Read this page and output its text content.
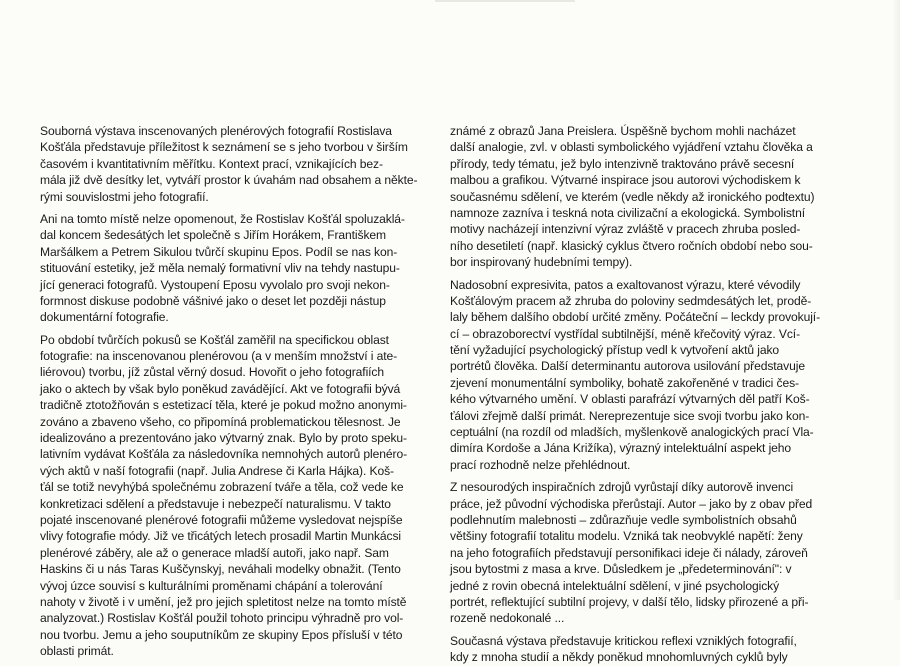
Souborná výstava inscenovaných plenérových fotografií Rostislava
Košťála představuje příležitost k seznámení se s jeho tvorbou v širším
časovém i kvantitativním měřítku. Kontext prací, vznikajících bez-
mála již dvě desítky let, vytváří prostor k úvahám nad obsahem a někte-
rými souvislostmi jeho fotografií.
Ani na tomto místě nelze opomenout, že Rostislav Košťál spoluzaklá-
dal koncem šedesátých let společně s Jiřím Horákem, Františkem
Maršálkem a Petrem Sikulou tvůrčí skupinu Epos. Podíl se nas kon-
stituování estetiky, jež měla nemalý formativní vliv na tehdy nastupu-
jící generaci fotografů. Vystoupení Eposu vyvolalo pro svoji nekon-
formnost diskuse podobně vášnivé jako o deset let později nástup
dokumentární fotografie.
Po období tvůrčích pokusů se Košťál zaměřil na specifickou oblast
fotografie: na inscenovanou plenérovou (a v menším množství i ate-
liérovou) tvorbu, jíž zůstal věrný dosud. Hovořit o jeho fotografiích
jako o aktech by však bylo poněkud zavádějící. Akt ve fotografii bývá
tradičně ztotožňován s estetizací těla, které je pokud možno anonymi-
zováno a zbaveno všeho, co připomíná problematickou tělesnost. Je
idealizováno a prezentováno jako výtvarný znak. Bylo by proto speku-
lativním vydávat Košťála za následovníka nemnohých autorů plenéro-
vých aktů v naší fotografii (např. Julia Andrese či Karla Hájka). Koš-
ťál se totiž nevyhýbá společnému zobrazení tváře a těla, což vede ke
konkretizaci sdělení a představuje i nebezpečí naturalismu. V takto
pojaté inscenované plenérové fotografii můžeme vysledovat nejspíše
vlivy fotografie módy. Již ve třicátých letech prosadil Martin Munkácsi
plenérové záběry, ale až o generace mladší autoři, jako např. Sam
Haskins či u nás Taras Kuščynskyj, neváhali modelky obnažit. (Tento
vývoj úzce souvisí s kulturálními proměnami chápání a tolerování
nahoty v životě i v umění, jež pro jejich spletitost nelze na tomto místě
analyzovat.) Rostislav Košťál použil tohoto principu výhradně pro vol-
nou tvorbu. Jemu a jeho souputníkům ze skupiny Epos přísluší v této
oblasti primát.
známé z obrazů Jana Preislera. Úspěšně bychom mohli nacházet
další analogie, zvl. v oblasti symbolického vyjádření vztahu člověka a
přírody, tedy tématu, jež bylo intenzivně traktováno právě secesní
malbou a grafikou. Výtvarné inspirace jsou autorovi východiskem k
současnému sdělení, ve kterém (vedle někdy až ironického podtextu)
namnoze zazníva i teskná nota civilizační a ekologická. Symbolistní
motivy nacházejí intenzivní výraz zvláště v pracech zhruba posled-
ního desetiletí (např. klasický cyklus čtvero ročních období nebo sou-
bor inspirovaný hudebními tempy).
Nadosobní expresivita, patos a exaltovanost výrazu, které vévodily
Košťálovým pracem až zhruba do poloviny sedmdesátých let, prodě-
laly během dalšího období určité změny. Počáteční – leckdy provokují-
cí – obrazoborectví vystřídal subtilnější, méně křečovitý výraz. Vcí-
tění vyžadující psychologický přístup vedl k vytvoření aktů jako
portrétů člověka. Další determinantu autorova usilování představuje
zjevení monumentální symboliky, bohatě zakořeněné v tradici čes-
kého výtvarného umění. V oblasti parafrází výtvarných děl patří Koš-
ťálovi zřejmě další primát. Nereprezentuje sice svoji tvorbu jako kon-
ceptuální (na rozdíl od mladších, myšlenkově analogických prací Vla-
dimíra Kordoše a Jána Križíka), výrazný intelektuální aspekt jeho
prací rozhodně nelze přehlédnout.
Z nesourodých inspiračních zdrojů vyrůstají díky autorově invenci
práce, jež původní východiska přerůstají. Autor – jako by z obav před
podlehnutím malebnosti – zdůrazňuje vedle symbolistních obsahů
většiny fotografií totalitu modelu. Vzniká tak neobvyklé napětí: ženy
na jeho fotografiích představují personifikaci ideje či nálady, zároveň
jsou bytostmi z masa a krve. Důsledkem je „předeterminování": v
jedné z rovin obecná intelektuální sdělení, v jiné psychologický
portrét, reflektující subtilní projevy, v další tělo, lidsky přirozené a při-
rozeně nedokonalé ...
Současná výstava představuje kritickou reflexi vzniklých fotografií,
kdy z mnoha studií a někdy poněkud mnohomluvných cyklů byly
